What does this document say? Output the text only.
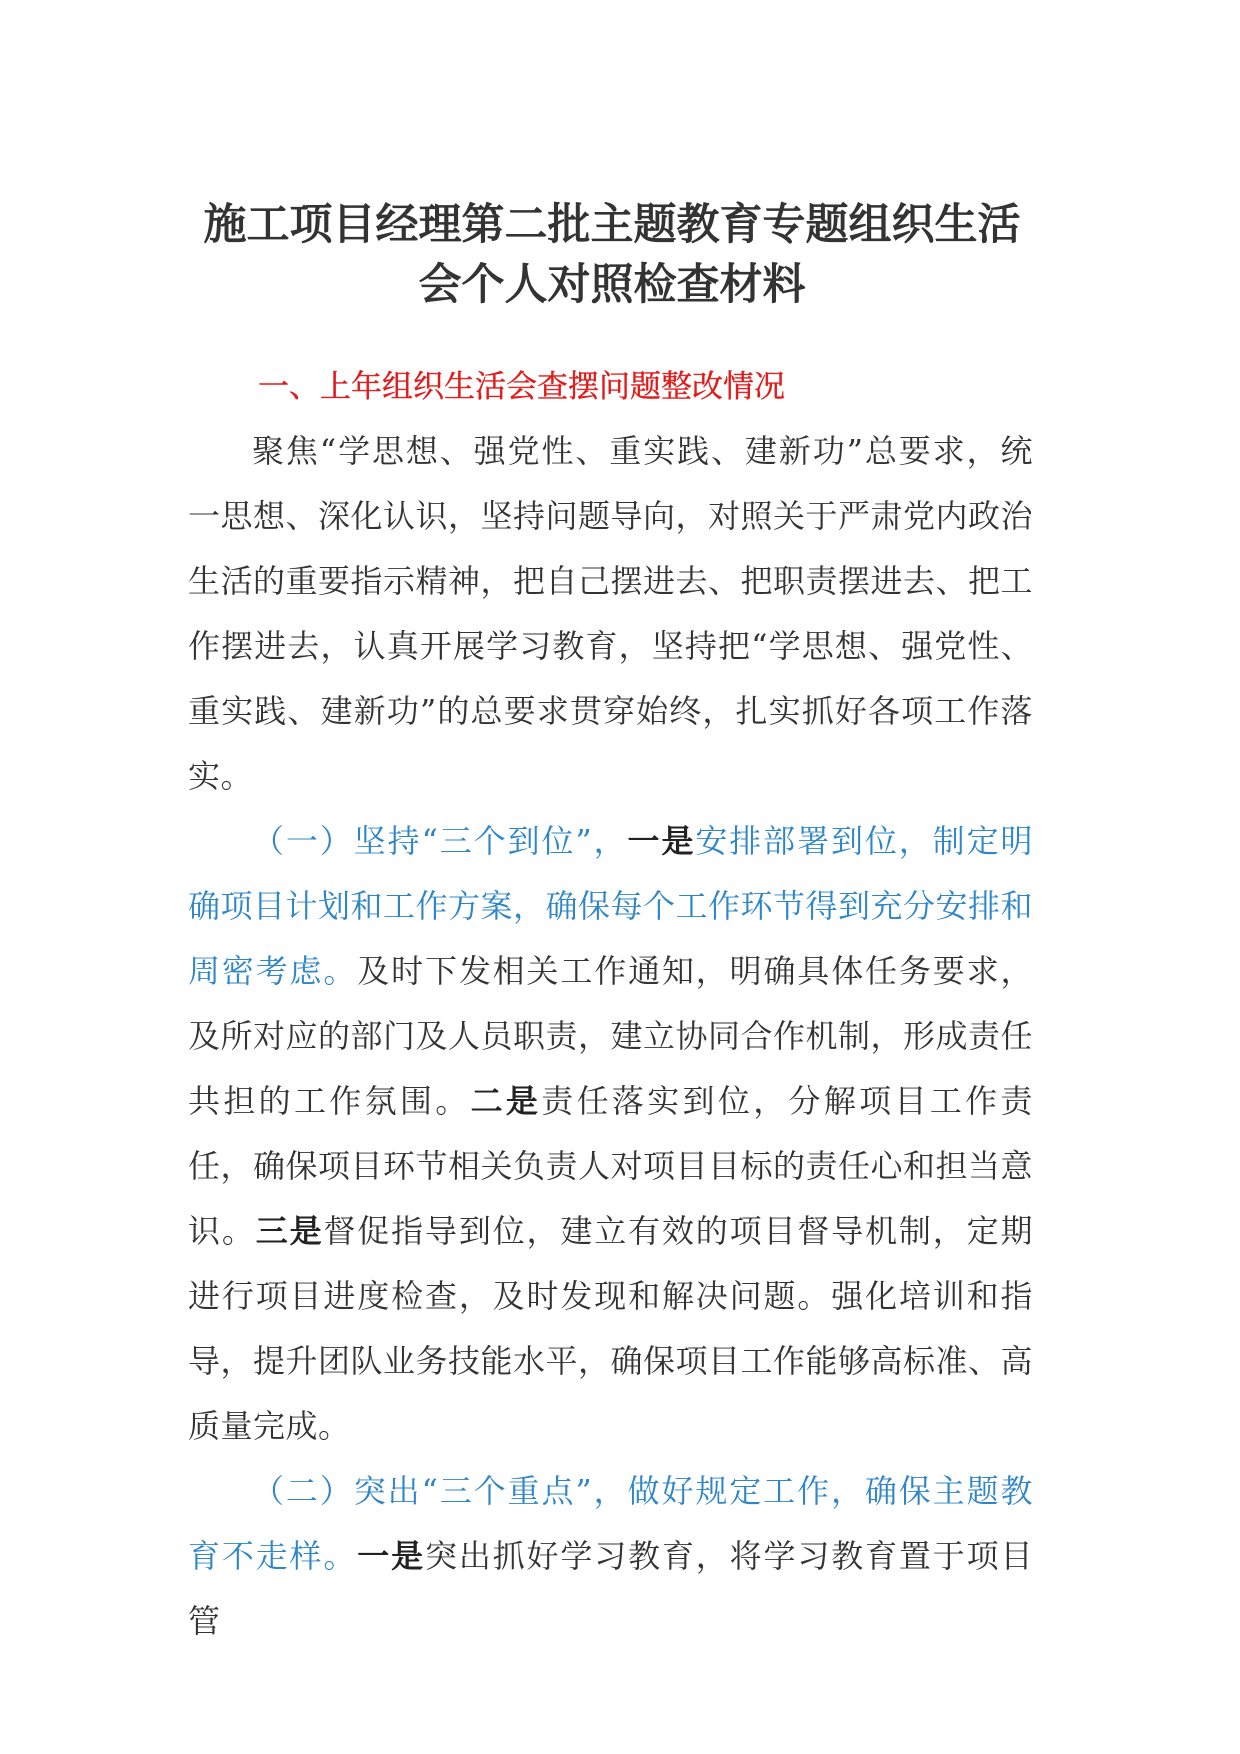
施工项目经理第二批主题教育专题组织生活
会个人对照检查材料
一、上年组织生活会查摆问题整改情况

聚焦“学思想、强党性、重实践、建新功”总要求，统一思想、深化认识，坚持问题导向，对照关于严肃党内政治生活的重要指示精神，把自己摆进去、把职责摆进去、把工作摆进去，认真开展学习教育，坚持把“学思想、强党性、重实践、建新功”的总要求贯穿始终，扎实抓好各项工作落实。

（一）坚持“三个到位”，一是安排部署到位，制定明确项目计划和工作方案，确保每个工作环节得到充分安排和周密考虑。及时下发相关工作通知，明确具体任务要求，及所对应的部门及人员职责，建立协同合作机制，形成责任共担的工作氛围。二是责任落实到位，分解项目工作责任，确保项目环节相关负责人对项目目标的责任心和担当意识。三是督促指导到位，建立有效的项目督导机制，定期进行项目进度检查，及时发现和解决问题。强化培训和指导，提升团队业务技能水平，确保项目工作能够高标准、高质量完成。

（二）突出“三个重点”，做好规定工作，确保主题教育不走样。一是突出抓好学习教育，将学习教育置于项目管
